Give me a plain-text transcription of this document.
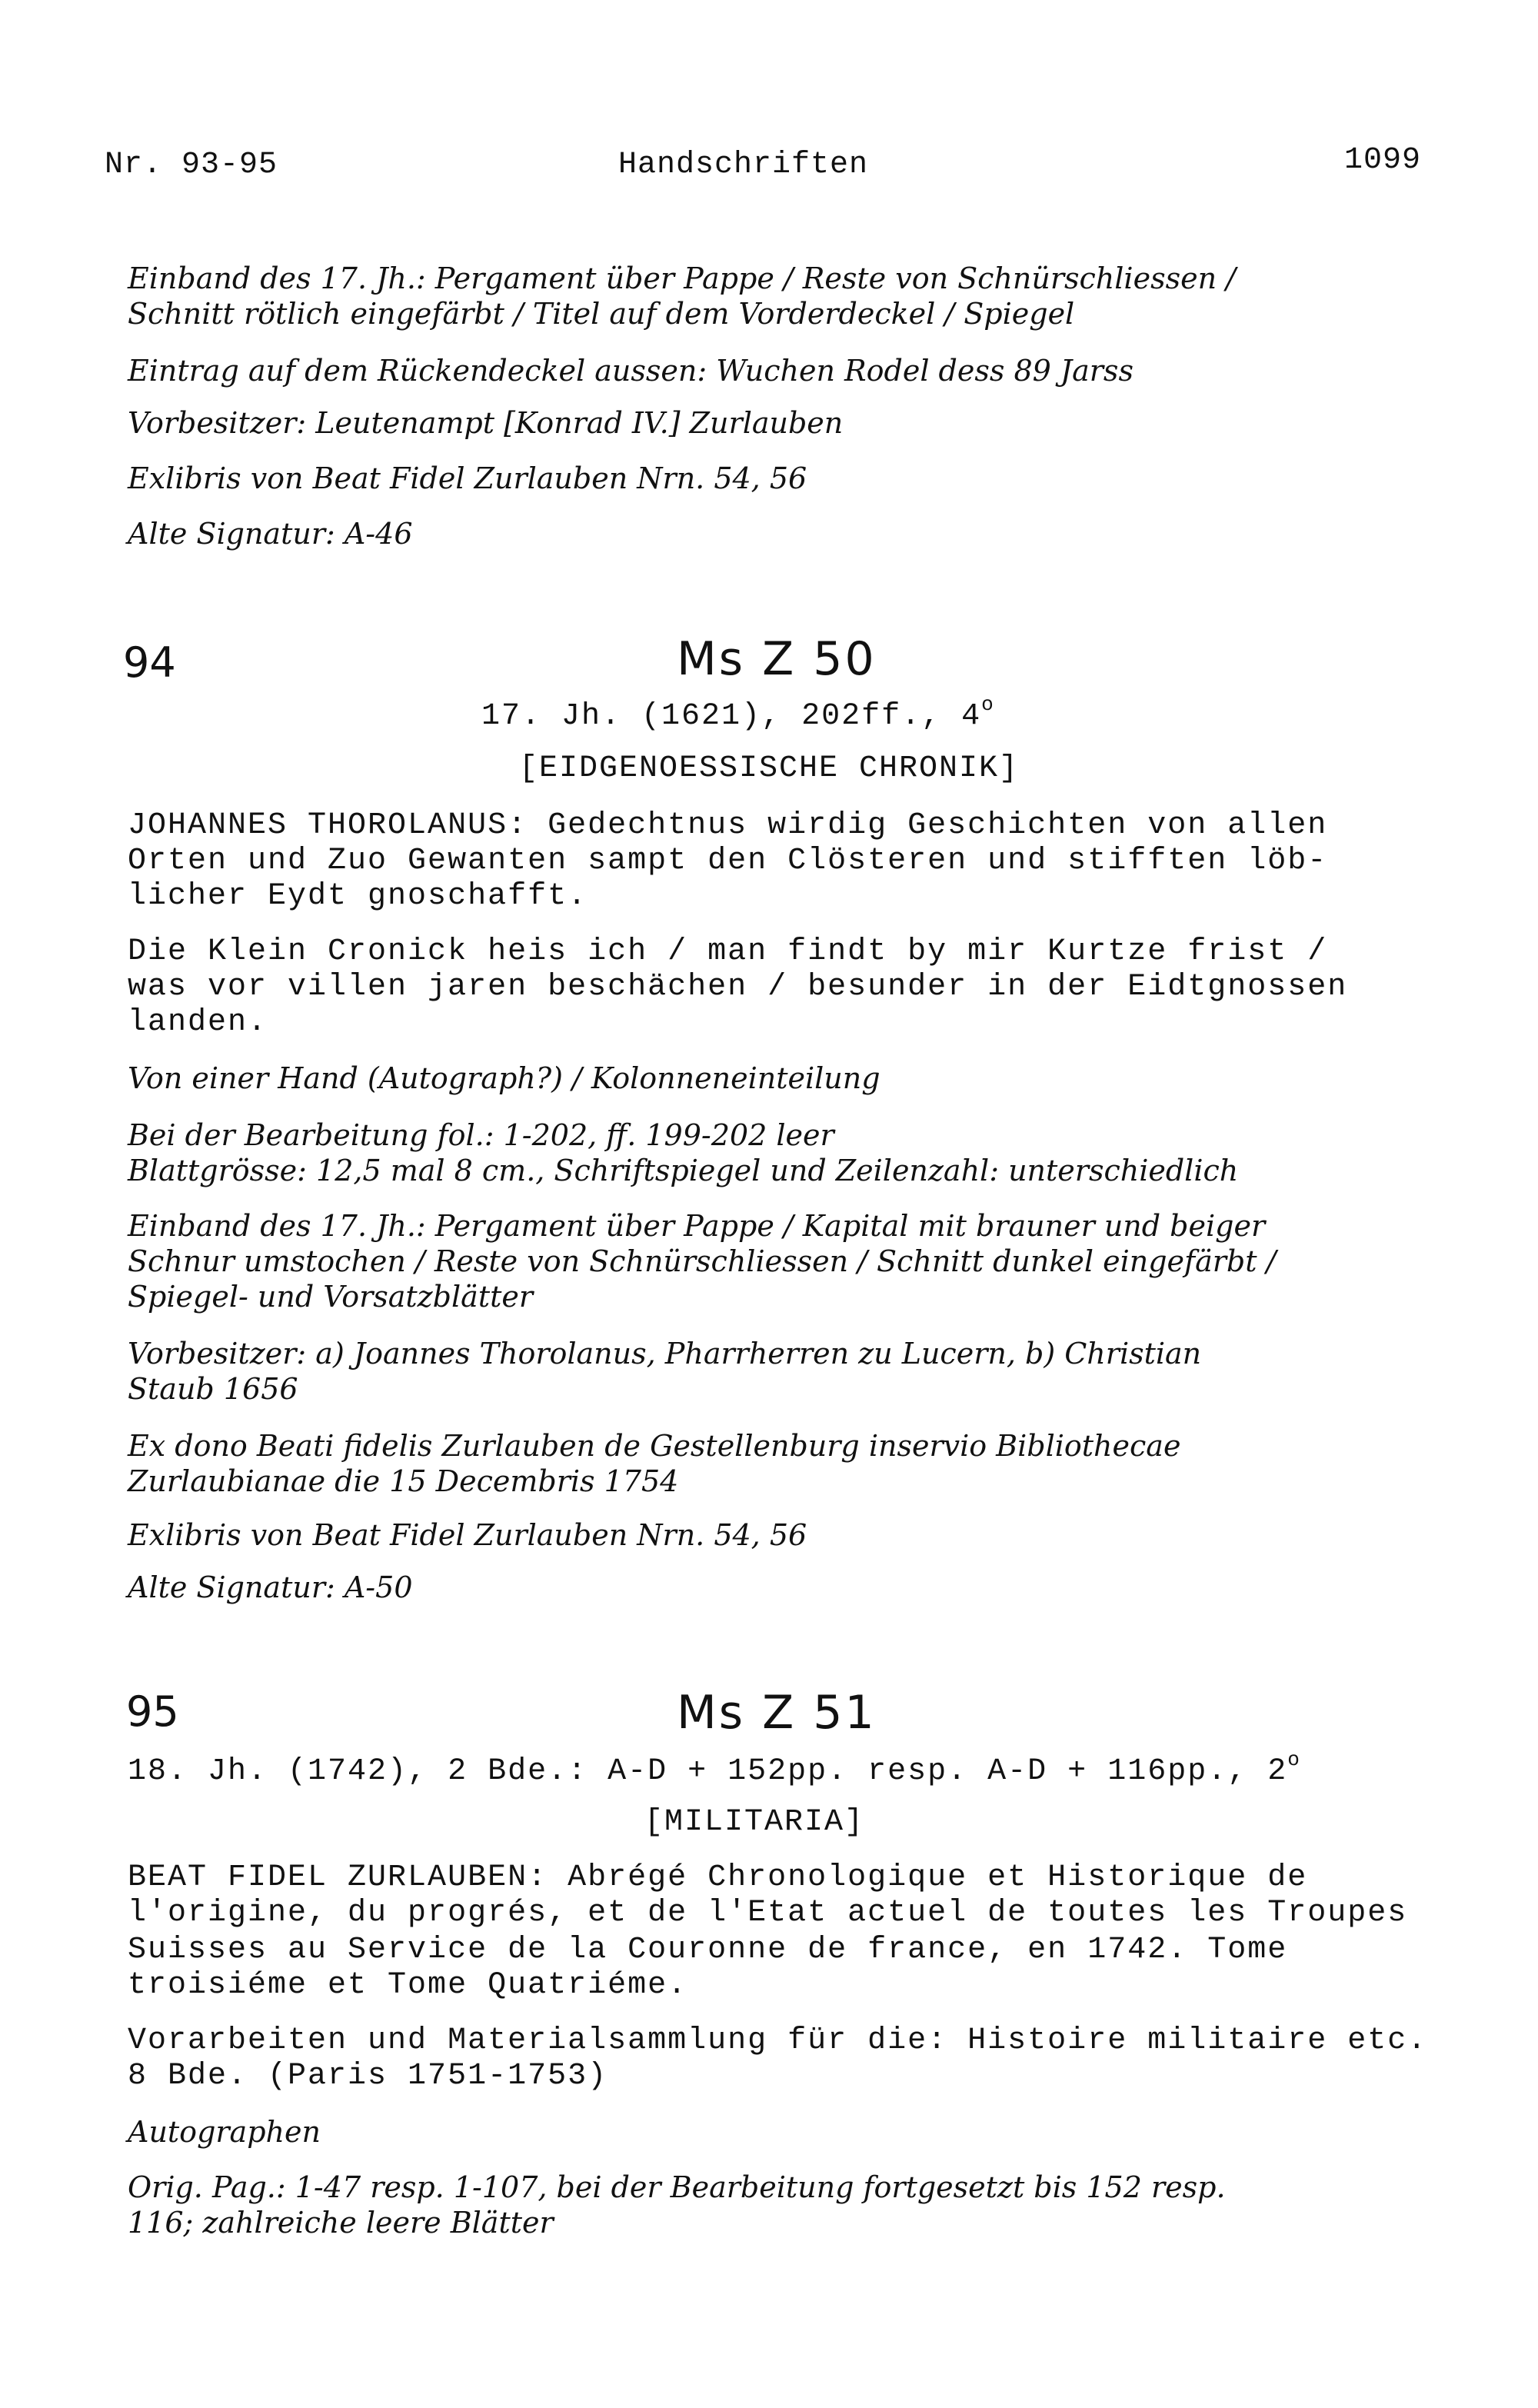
Nr. 93-95	Handschriften	1099
Einband des 17. Jh.: Pergament über Pappe / Reste von Schnürschliessen /
Schnitt rötlich eingefärbt / Titel auf dem Vorderdeckel / Spiegel
Eintrag auf dem Rückendeckel aussen: Wuchen Rodel dess 89 Jarss
Vorbesitzer: Leutenampt [Konrad IV.] Zurlauben
Exlibris von Beat Fidel Zurlauben Nrn. 54, 56
Alte Signatur: A-46
94	Ms Z 50
17. Jh. (1621), 202ff., 4$^o$
[EIDGENOESSISCHE CHRONIK]
JOHANNES THOROLANUS: Gedechtnus wirdig Geschichten von allen
Orten und Zuo Gewanten sampt den Clösteren und stifften löb-
licher Eydt gnoschafft.
Die Klein Cronick heis ich / man findt by mir Kurtze frist /
was vor villen jaren beschächen / besunder in der Eidtgnossen
landen.
Von einer Hand (Autograph?) / Kolonneneinteilung
Bei der Bearbeitung fol.: 1-202, ff. 199-202 leer
Blattgrösse: 12,5 mal 8 cm., Schriftspiegel und Zeilenzahl: unterschiedlich
Einband des 17. Jh.: Pergament über Pappe / Kapital mit brauner und beiger
Schnur umstochen / Reste von Schnürschliessen / Schnitt dunkel eingefärbt /
Spiegel- und Vorsatzblätter
Vorbesitzer: a) Joannes Thorolanus, Pharrherren zu Lucern, b) Christian
Staub 1656
Ex dono Beati fidelis Zurlauben de Gestellenburg inservio Bibliothecae
Zurlaubianae die 15 Decembris 1754
Exlibris von Beat Fidel Zurlauben Nrn. 54, 56
Alte Signatur: A-50
95	Ms Z 51
18. Jh. (1742), 2 Bde.: A-D + 152pp. resp. A-D + 116pp., 2$^o$
[MILITARIA]
BEAT FIDEL ZURLAUBEN: Abrégé Chronologique et Historique de
l'origine, du progrés, et de l'Etat actuel de toutes les Troupes
Suisses au Service de la Couronne de france, en 1742. Tome
troisiéme et Tome Quatriéme.
Vorarbeiten und Materialsammlung für die: Histoire militaire etc.
8 Bde. (Paris 1751-1753)
Autographen
Orig. Pag.: 1-47 resp. 1-107, bei der Bearbeitung fortgesetzt bis 152 resp.
116; zahlreiche leere Blätter
